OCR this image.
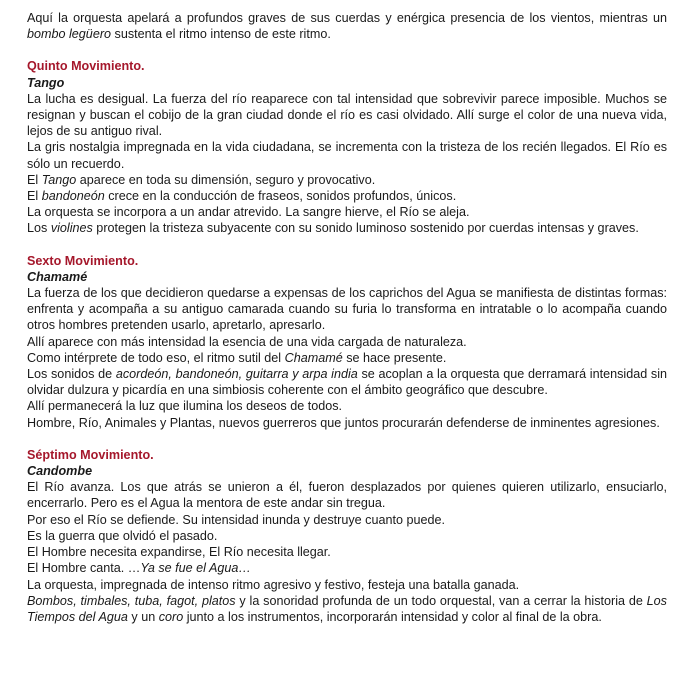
Aquí la orquesta apelará a profundos graves de sus cuerdas y enérgica presencia de los vientos, mientras un bombo legüero sustenta el ritmo intenso de este ritmo.

Quinto Movimiento.

Tango

La lucha es desigual. La fuerza del río reaparece con tal intensidad que sobrevivir parece imposible. Muchos se resignan y buscan el cobijo de la gran ciudad donde el río es casi olvidado. Allí surge el color de una nueva vida, lejos de su antiguo rival.

La gris nostalgia impregnada en la vida ciudadana, se incrementa con la tristeza de los recién llegados. El Río es sólo un recuerdo.

El Tango aparece en toda su dimensión, seguro y provocativo.

El bandoneón crece en la conducción de fraseos, sonidos profundos, únicos.

La orquesta se incorpora a un andar atrevido. La sangre hierve, el Río se aleja.

Los violines protegen la tristeza subyacente con su sonido luminoso sostenido por cuerdas intensas y graves.

Sexto Movimiento.

Chamamé

La fuerza de los que decidieron quedarse a expensas de los caprichos del Agua se manifiesta de distintas formas: enfrenta y acompaña a su antiguo camarada cuando su furia lo transforma en intratable o lo acompaña cuando otros hombres pretenden usarlo, apretarlo, apresarlo.

Allí aparece con más intensidad la esencia de una vida cargada de naturaleza.

Como intérprete de todo eso, el ritmo sutil del Chamamé se hace presente.

Los sonidos de acordeón, bandoneón, guitarra y arpa india se acoplan a la orquesta que derramará intensidad sin olvidar dulzura y picardía en una simbiosis coherente con el ámbito geográfico que descubre.

Allí permanecerá la luz que ilumina los deseos de todos.

Hombre, Río, Animales y Plantas, nuevos guerreros que juntos procurarán defenderse de inminentes agresiones.

Séptimo Movimiento.

Candombe

El Río avanza. Los que atrás se unieron a él, fueron desplazados por quienes quieren utilizarlo, ensuciarlo, encerrarlo. Pero es el Agua la mentora de este andar sin tregua.

Por eso el Río se defiende. Su intensidad inunda y destruye cuanto puede.

Es la guerra que olvidó el pasado.

El Hombre necesita expandirse, El Río necesita llegar.

El Hombre canta. …Ya se fue el Agua…

La orquesta, impregnada de intenso ritmo agresivo y festivo, festeja una batalla ganada.

Bombos, timbales, tuba, fagot, platos y la sonoridad profunda de un todo orquestal, van a cerrar la historia de Los Tiempos del Agua y un coro junto a los instrumentos, incorporarán intensidad y color al final de la obra.
